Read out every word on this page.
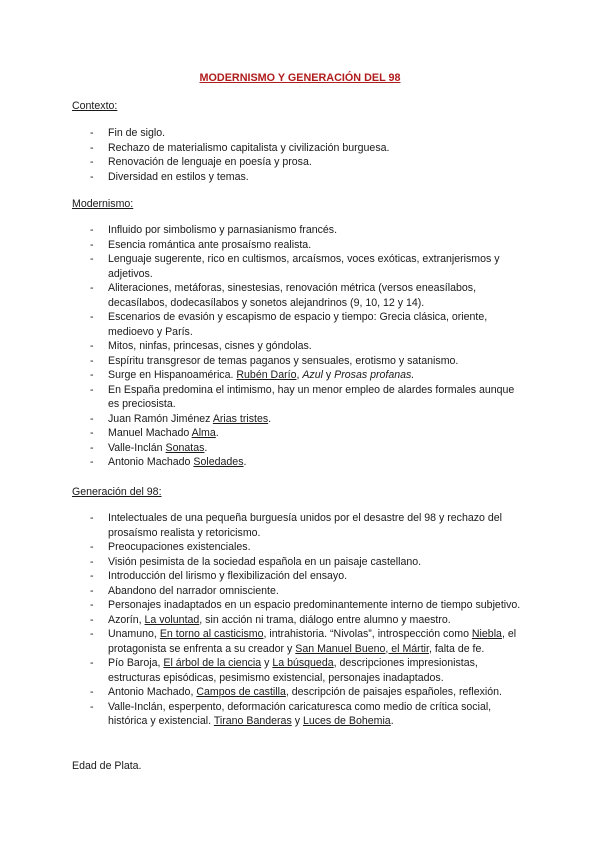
MODERNISMO Y GENERACIÓN DEL 98
Contexto:
- Fin de siglo.
- Rechazo de materialismo capitalista y civilización burguesa.
- Renovación de lenguaje en poesía y prosa.
- Diversidad en estilos y temas.
Modernismo:
- Influido por simbolismo y parnasianismo francés.
- Esencia romántica ante prosaísmo realista.
- Lenguaje sugerente, rico en cultismos, arcaísmos, voces exóticas, extranjerismos y adjetivos.
- Aliteraciones, metáforas, sinestesias, renovación métrica (versos eneasílabos, decasílabos, dodecasílabos y sonetos alejandrinos (9, 10, 12 y 14).
- Escenarios de evasión y escapismo de espacio y tiempo: Grecia clásica, oriente, medioevo y París.
- Mitos, ninfas, princesas, cisnes y góndolas.
- Espíritu transgresor de temas paganos y sensuales, erotismo y satanismo.
- Surge en Hispanoamérica. Rubén Darío, Azul y Prosas profanas.
- En España predomina el intimismo, hay un menor empleo de alardes formales aunque es preciosista.
- Juan Ramón Jiménez Arias tristes.
- Manuel Machado Alma.
- Valle-Inclán Sonatas.
- Antonio Machado Soledades.
Generación del 98:
- Intelectuales de una pequeña burguesía unidos por el desastre del 98 y rechazo del prosaísmo realista y retoricismo.
- Preocupaciones existenciales.
- Visión pesimista de la sociedad española en un paisaje castellano.
- Introducción del lirismo y flexibilización del ensayo.
- Abandono del narrador omnisciente.
- Personajes inadaptados en un espacio predominantemente interno de tiempo subjetivo.
- Azorín, La voluntad, sin acción ni trama, diálogo entre alumno y maestro.
- Unamuno, En torno al casticismo, intrahistoria. “Nivolas”, introspección como Niebla, el protagonista se enfrenta a su creador y San Manuel Bueno, el Mártir, falta de fe.
- Pío Baroja, El árbol de la ciencia y La búsqueda, descripciones impresionistas, estructuras episódicas, pesimismo existencial, personajes inadaptados.
- Antonio Machado, Campos de castilla, descripción de paisajes españoles, reflexión.
- Valle-Inclán, esperpento, deformación caricaturesca como medio de crítica social, histórica y existencial. Tirano Banderas y Luces de Bohemia.
Edad de Plata.
